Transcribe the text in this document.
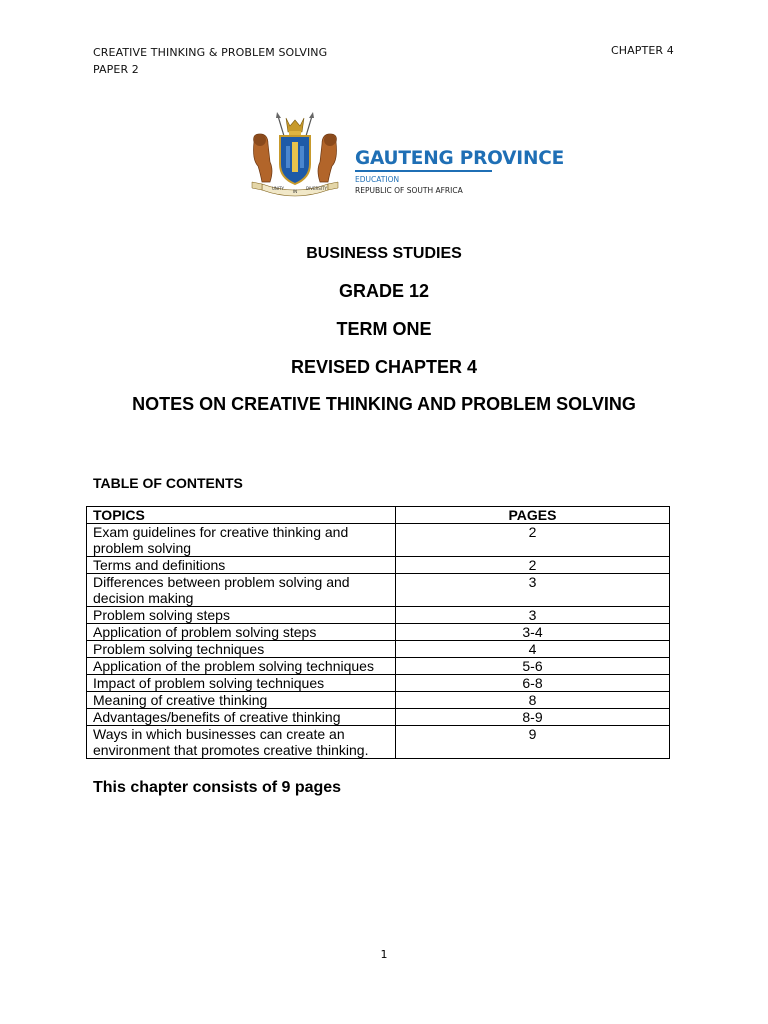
CREATIVE THINKING & PROBLEM SOLVING
PAPER 2
CHAPTER 4
UNITY
IN
DIVERSITY
GAUTENG PROVINCE
EDUCATION
REPUBLIC OF SOUTH AFRICA
BUSINESS STUDIES
GRADE 12
TERM ONE
REVISED CHAPTER 4
NOTES ON CREATIVE THINKING AND PROBLEM SOLVING
TABLE OF CONTENTS
TOPICS	PAGES
Exam guidelines for creative thinking and problem solving	2
Terms and definitions	2
Differences between problem solving and decision making	3
Problem solving steps	3
Application of problem solving steps	3-4
Problem solving techniques	4
Application of the problem solving techniques	5-6
Impact of problem solving techniques	6-8
Meaning of creative thinking	8
Advantages/benefits of creative thinking	8-9
Ways in which businesses can create an environment that promotes creative thinking.	9
This chapter consists of 9 pages
1
